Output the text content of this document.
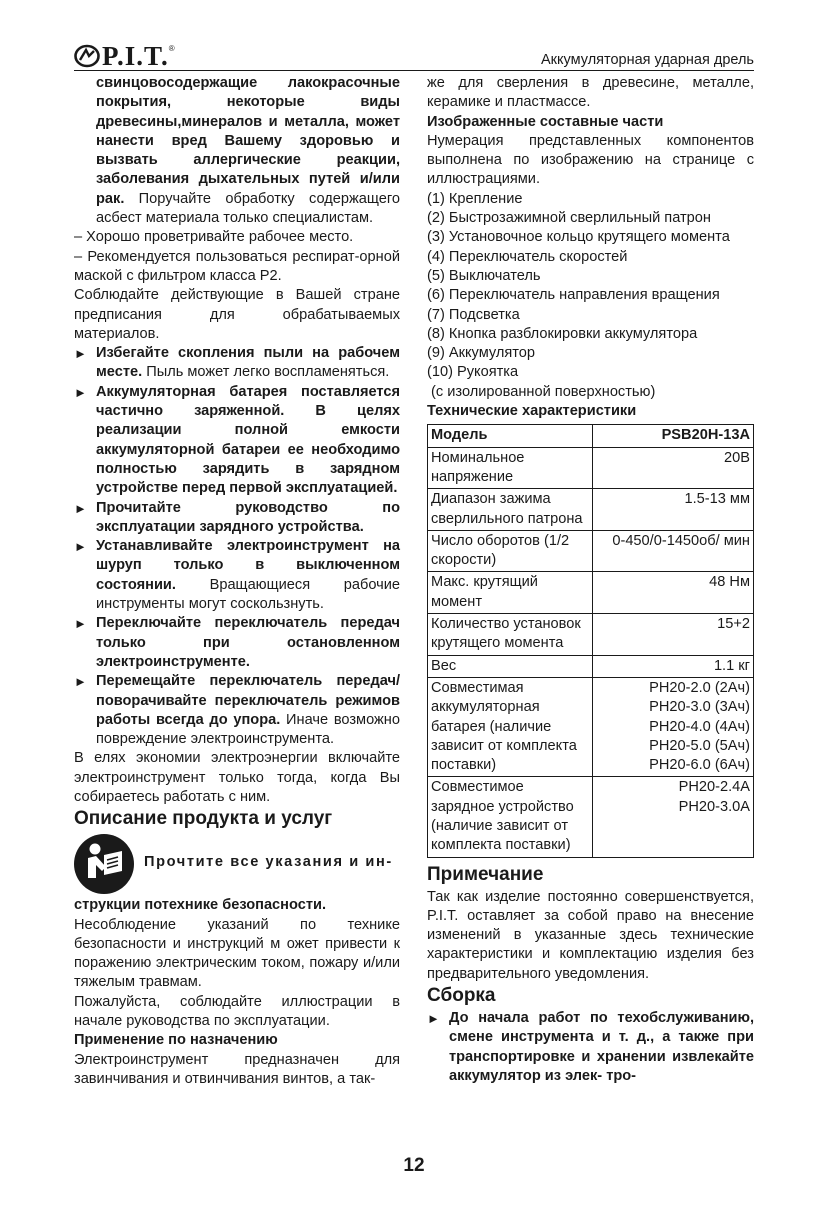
P.I.T. ®
Аккумуляторная ударная дрель

свинцовосодержащие лакокрасочные покрытия, некоторые виды древесины,минералов и металла, может нанести вред Вашему здоровью и вызвать аллергические реакции, заболевания дыхательных путей и/или рак. Поручайте обработку содержащего асбест материала только специалистам.

– Хорошо проветривайте рабочее место.

– Рекомендуется пользоваться респират-орной маской с фильтром класса Р2.

Соблюдайте действующие в Вашей стране предписания для обрабатываемых материалов.

► Избегайте скопления пыли на рабочем месте. Пыль может легко воспламеняться.
► Аккумуляторная батарея поставляется частично заряженной. В целях реализации полной емкости аккумуляторной батареи ее необходимо полностью зарядить в зарядном устройстве перед первой эксплуатацией.
► Прочитайте руководство по эксплуатации зарядного устройства.
► Устанавливайте электроинструмент на шуруп только в выключенном состоянии. Вращающиеся рабочие инструменты могут соскользнуть.
► Переключайте переключатель передач только при остановленном электроинструменте.
► Перемещайте переключатель передач/поворачивайте переключатель режимов работы всегда до упора. Иначе возможно повреждение электроинструмента.

В елях экономии электроэнергии включайте электроинструмент только тогда, когда Вы собираетесь работать с ним.

Описание продукта и услуг
Прочтите все указания и ин-

струкции потехнике безопасности.

Несоблюдение указаний по технике безопасности и инструкций м ожет привести к поражению электрическим током, пожару и/или тяжелым травмам.

Пожалуйста, соблюдайте иллюстрации в начале руководства по эксплуатации.

Применение по назначению

Электроинструмент предназначен для завинчивания и отвинчивания винтов, а так-

же для сверления в древесине, металле, керамике и пластмассе.

Изображенные составные части

Нумерация представленных компонентов выполнена по изображению на странице с иллюстрациями.

(1) Крепление

(2) Быстрозажимной сверлильный патрон

(3) Установочное кольцо крутящего момента

(4) Переключатель скоростей

(5) Выключатель

(6) Переключатель направления вращения

(7) Подсветка

(8) Кнопка разблокировки аккумулятора

(9) Аккумулятор

(10) Рукоятка

(с изолированной поверхностью)

Технические характеристики

Модель	PSB20H-13A
Номинальное напряжение	20В
Диапазон зажима сверлильного патрона	1.5-13 мм
Число оборотов (1/2 скорости)	0-450/0-1450об/ мин
Макс. крутящий момент	48 Нм
Количество установок крутящего момента	15+2
Вес	1.1 кг
Совместимая аккумуляторная батарея (наличие зависит от комплекта поставки)	PH20-2.0 (2Ач)
PH20-3.0 (3Ач)
PH20-4.0 (4Ач)
PH20-5.0 (5Ач)
PH20-6.0 (6Ач)

Совместимое зарядное устройство (наличие зависит от комплекта поставки)	PH20-2.4A
PH20-3.0A
Примечание

Так как изделие постоянно совершенствуется, P.I.T. оставляет за собой право на внесение изменений в указанные здесь технические характеристики и комплектацию изделия без предварительного уведомления.

Сборка
► До начала работ по техобслуживанию, смене инструмента и т. д., а также при транспортировке и хранении извлекайте аккумулятор из элек- тро-
12
